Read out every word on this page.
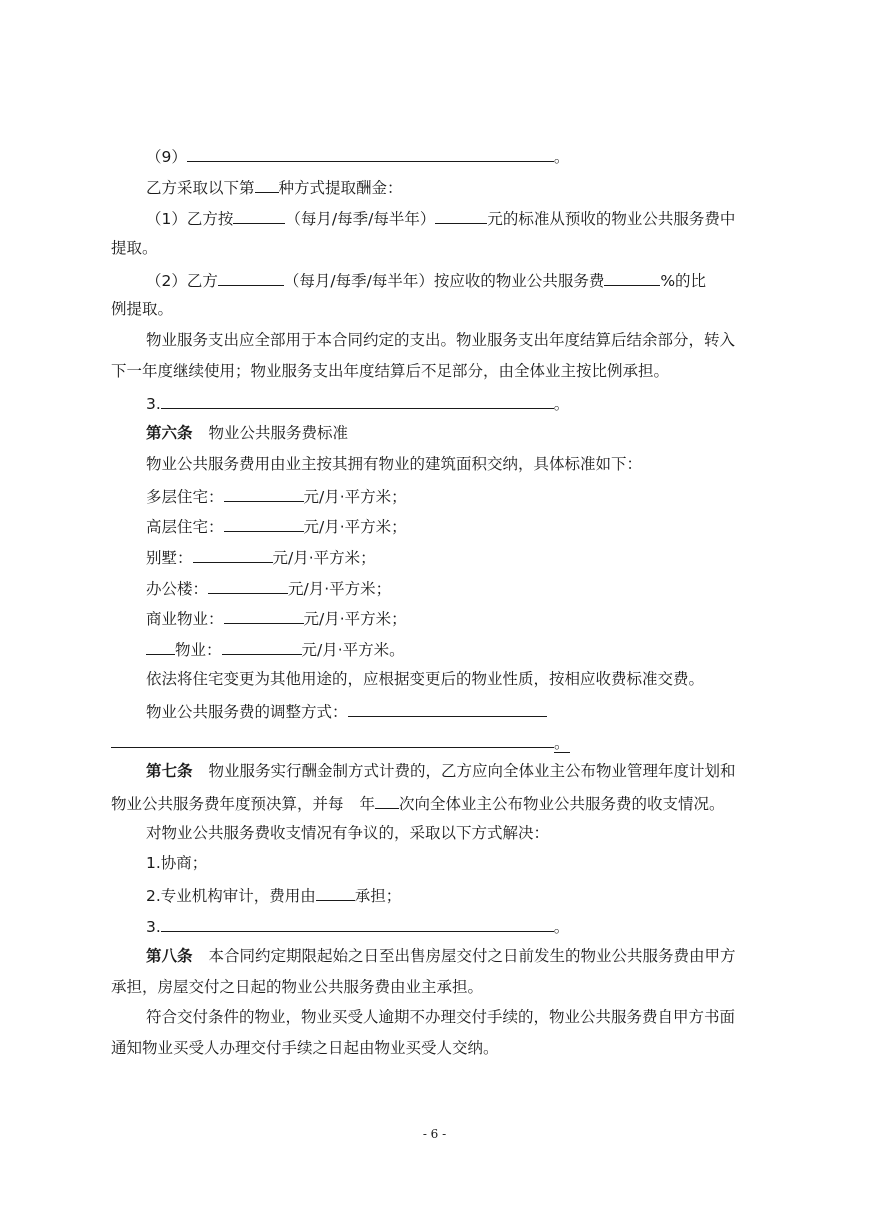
（9）	。
乙方采取以下第 种方式提取酬金：
（1）乙方按	（每月/每季/每半年）	元的标准从预收的物业公共服务费中
提取。
（2）乙方	（每月/每季/每半年）按应收的物业公共服务费	%的比
例提取。
物业服务支出应全部用于本合同约定的支出。物业服务支出年度结算后结余部分，转入
下一年度继续使用；物业服务支出年度结算后不足部分，由全体业主按比例承担。
3.	。
第六条 物业公共服务费标准
物业公共服务费用由业主按其拥有物业的建筑面积交纳，具体标准如下：
多层住宅：	元/月·平方米；
高层住宅：	元/月·平方米；
别墅：	元/月·平方米；
办公楼：	元/月·平方米；
商业物业：	元/月·平方米；
物业：	元/月·平方米。
依法将住宅变更为其他用途的，应根据变更后的物业性质，按相应收费标准交费。
物业公共服务费的调整方式：
。
第七条 物业服务实行酬金制方式计费的，乙方应向全体业主公布物业管理年度计划和
物业公共服务费年度预决算，并每 年 次向全体业主公布物业公共服务费的收支情况。
对物业公共服务费收支情况有争议的，采取以下方式解决：
1.协商；
2.专业机构审计，费用由	承担；
3.	。
第八条 本合同约定期限起始之日至出售房屋交付之日前发生的物业公共服务费由甲方
承担，房屋交付之日起的物业公共服务费由业主承担。
符合交付条件的物业，物业买受人逾期不办理交付手续的，物业公共服务费自甲方书面
通知物业买受人办理交付手续之日起由物业买受人交纳。
- 6 -
